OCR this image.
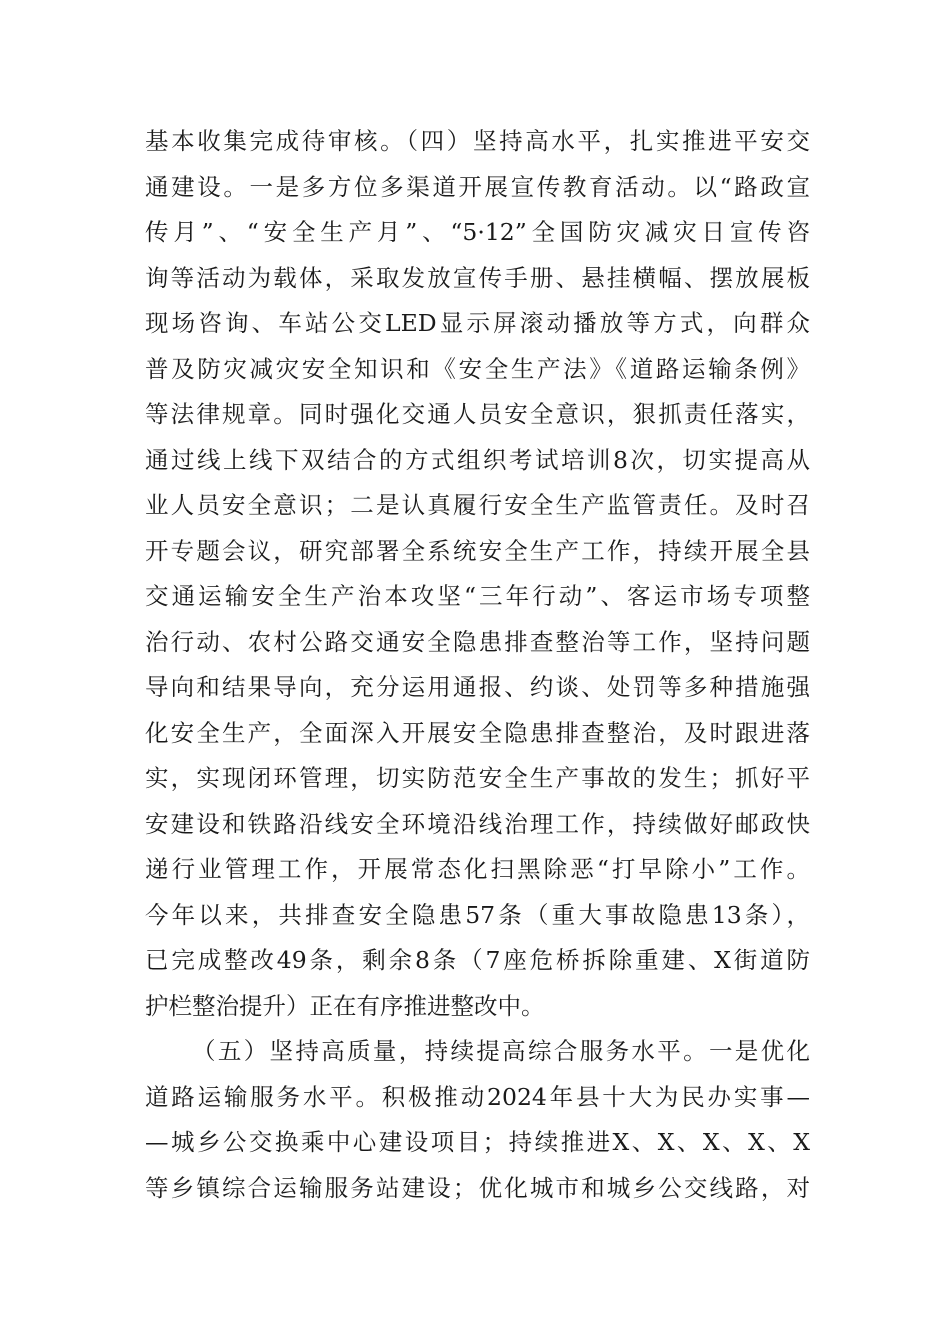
基本收集完成待审核。（四）坚持高水平，扎实推进平安交
通建设。一是多方位多渠道开展宣传教育活动。以“路政宣
传月”、“安全生产月”、“5·12”全国防灾减灾日宣传咨
询等活动为载体，采取发放宣传手册、悬挂横幅、摆放展板
现场咨询、车站公交LED显示屏滚动播放等方式，向群众
普及防灾减灾安全知识和《安全生产法》《道路运输条例》
等法律规章。同时强化交通人员安全意识，狠抓责任落实，
通过线上线下双结合的方式组织考试培训8次，切实提高从
业人员安全意识；二是认真履行安全生产监管责任。及时召
开专题会议，研究部署全系统安全生产工作，持续开展全县
交通运输安全生产治本攻坚“三年行动”、客运市场专项整
治行动、农村公路交通安全隐患排查整治等工作，坚持问题
导向和结果导向，充分运用通报、约谈、处罚等多种措施强
化安全生产，全面深入开展安全隐患排查整治，及时跟进落
实，实现闭环管理，切实防范安全生产事故的发生；抓好平
安建设和铁路沿线安全环境沿线治理工作，持续做好邮政快
递行业管理工作，开展常态化扫黑除恶“打早除小”工作。
今年以来，共排查安全隐患57条（重大事故隐患13条），
已完成整改49条，剩余8条（7座危桥拆除重建、X街道防
护栏整治提升）正在有序推进整改中。
（五）坚持高质量，持续提高综合服务水平。一是优化
道路运输服务水平。积极推动2024年县十大为民办实事—
—城乡公交换乘中心建设项目；持续推进X、X、X、X、X
等乡镇综合运输服务站建设；优化城市和城乡公交线路，对
